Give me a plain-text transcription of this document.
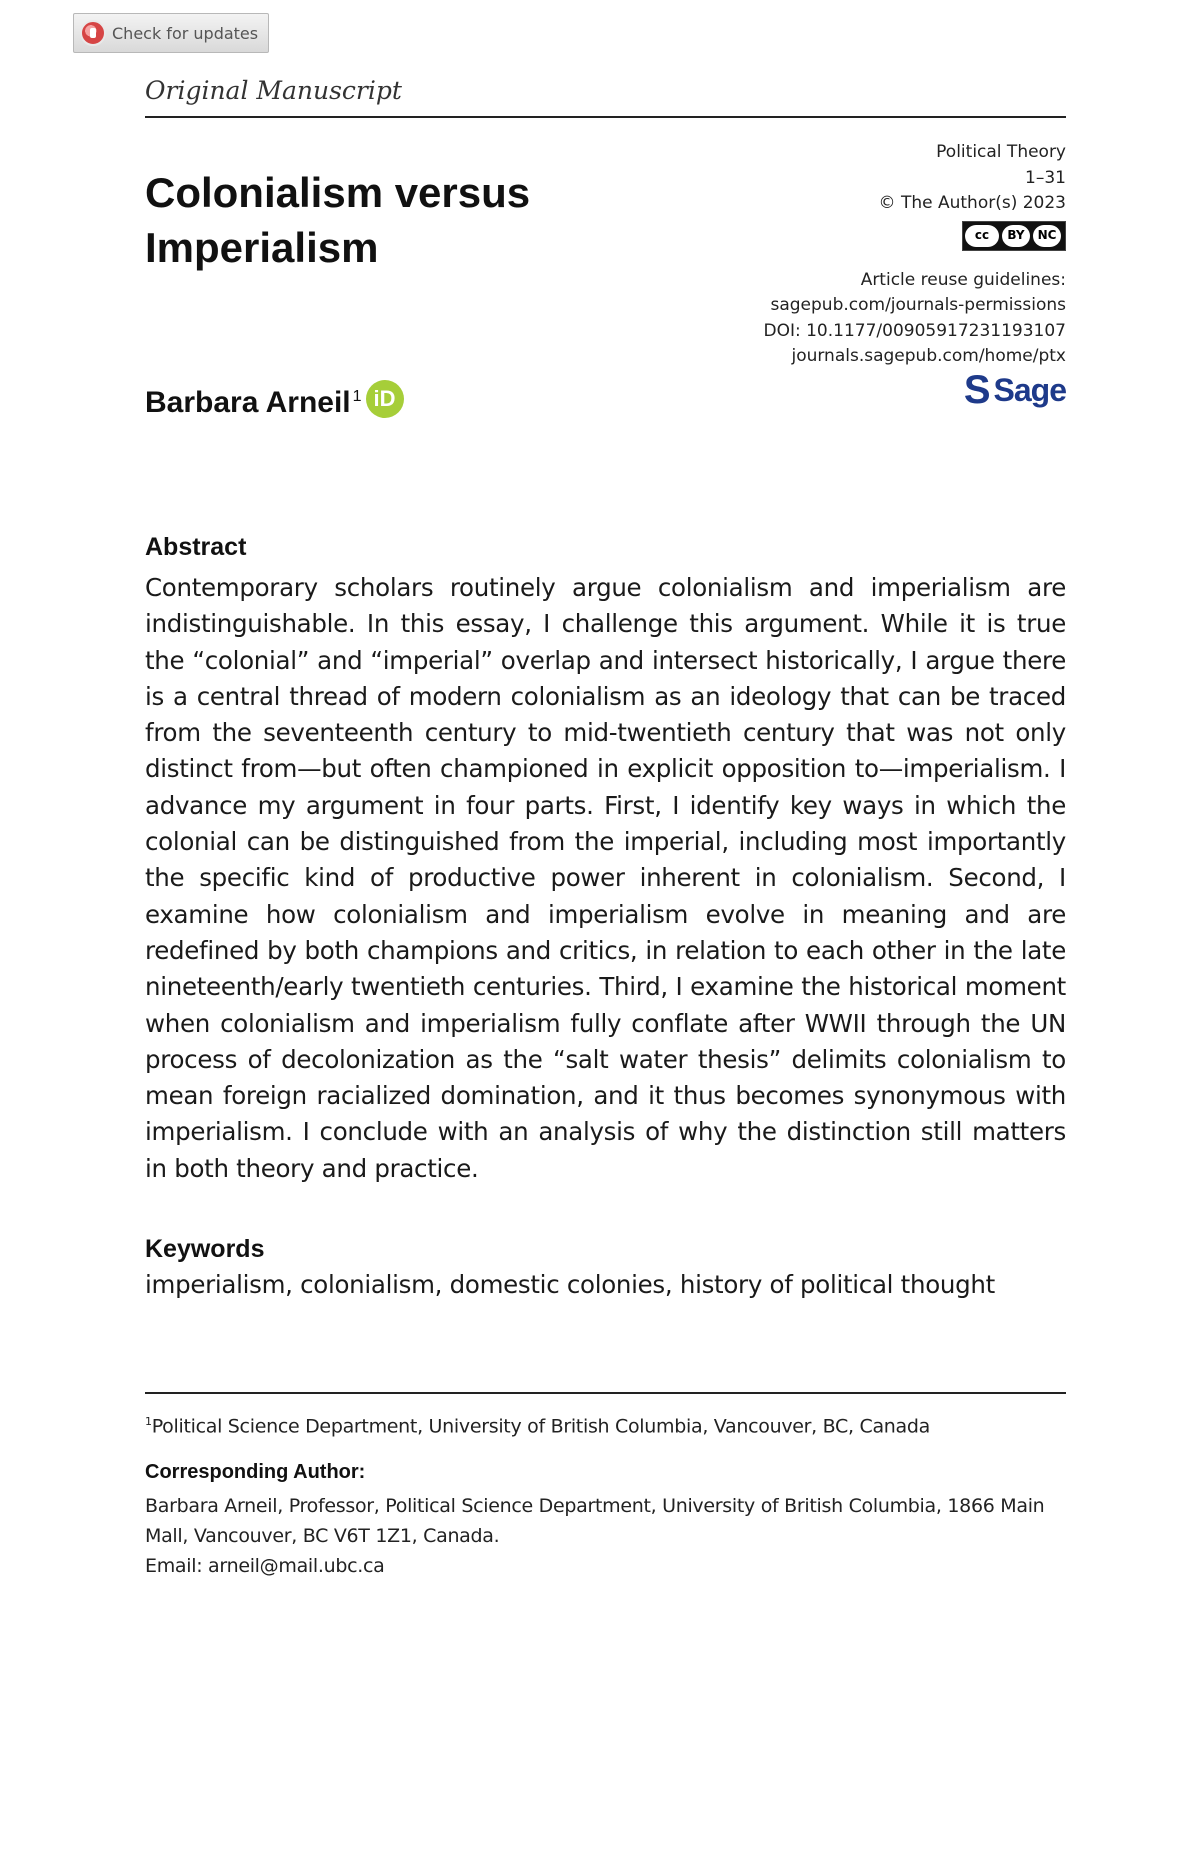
Check for updates
Original Manuscript
Colonialism versus Imperialism
Barbara Arneil$^1$ iD
Political Theory
1–31
© The Author(s) 2023
cc	BY	NC
Article reuse guidelines:
sagepub.com/journals-permissions
DOI: 10.1177/00905917231193107
journals.sagepub.com/home/ptx
S Sage
Abstract

Contemporary scholars routinely argue colonialism and imperialism are indistinguishable. In this essay, I challenge this argument. While it is true the “colonial” and “imperial” overlap and intersect historically, I argue there is a central thread of modern colonialism as an ideology that can be traced from the seventeenth century to mid-twentieth century that was not only distinct from—but often championed in explicit opposition to—imperialism. I advance my argument in four parts. First, I identify key ways in which the colonial can be distinguished from the imperial, including most importantly the specific kind of productive power inherent in colonialism. Second, I examine how colonialism and imperialism evolve in meaning and are redefined by both champions and critics, in relation to each other in the late nineteenth/early twentieth centuries. Third, I examine the historical moment when colonialism and imperialism fully conflate after WWII through the UN process of decolonization as the “salt water thesis” delimits colonialism to mean foreign racialized domination, and it thus becomes synonymous with imperialism. I conclude with an analysis of why the distinction still matters in both theory and practice.

Keywords
imperialism, colonialism, domestic colonies, history of political thought
$^1$Political Science Department, University of British Columbia, Vancouver, BC, Canada
Corresponding Author:
Barbara Arneil, Professor, Political Science Department, University of British Columbia, 1866 Main Mall, Vancouver, BC V6T 1Z1, Canada.
Email: arneil@mail.ubc.ca
